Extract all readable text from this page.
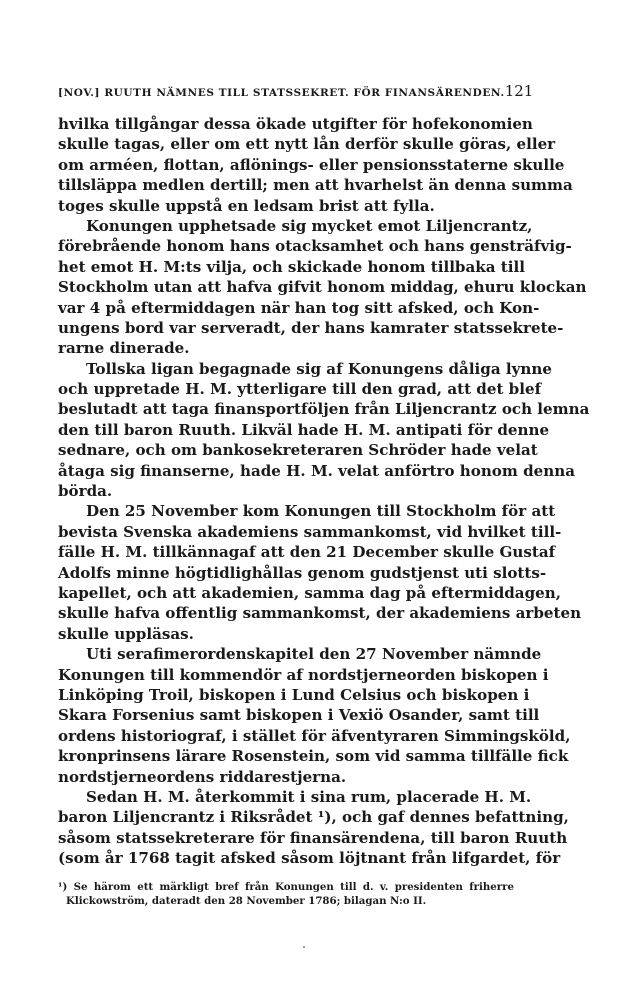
[NOV.] RUUTH NÄMNES TILL STATSSEKRET. FÖR FINANSÄRENDEN. 121
hvilka tillgångar dessa ökade utgifter för hofekonomien
skulle tagas, eller om ett nytt lån derför skulle göras, eller
om arméen, flottan, aflönings- eller pensionsstaterne skulle
tillsläppa medlen dertill; men att hvarhelst än denna summa
toges skulle uppstå en ledsam brist att fylla.
Konungen upphetsade sig mycket emot Liljencrantz,
förebrående honom hans otacksamhet och hans gensträfvig-
het emot H. M:ts vilja, och skickade honom tillbaka till
Stockholm utan att hafva gifvit honom middag, ehuru klockan
var 4 på eftermiddagen när han tog sitt afsked, och Kon-
ungens bord var serveradt, der hans kamrater statssekrete-
rarne dinerade.
Tollska ligan begagnade sig af Konungens dåliga lynne
och uppretade H. M. ytterligare till den grad, att det blef
beslutadt att taga finansportföljen från Liljencrantz och lemna
den till baron Ruuth. Likväl hade H. M. antipati för denne
sednare, och om bankosekreteraren Schröder hade velat
åtaga sig finanserne, hade H. M. velat anförtro honom denna
börda.
Den 25 November kom Konungen till Stockholm för att
bevista Svenska akademiens sammankomst, vid hvilket till-
fälle H. M. tillkännagaf att den 21 December skulle Gustaf
Adolfs minne högtidlighållas genom gudstjenst uti slotts-
kapellet, och att akademien, samma dag på eftermiddagen,
skulle hafva offentlig sammankomst, der akademiens arbeten
skulle uppläsas.
Uti serafimerordenskapitel den 27 November nämnde
Konungen till kommendör af nordstjerneorden biskopen i
Linköping Troil, biskopen i Lund Celsius och biskopen i
Skara Forsenius samt biskopen i Vexiö Osander, samt till
ordens historiograf, i stället för äfventyraren Simmingsköld,
kronprinsens lärare Rosenstein, som vid samma tillfälle fick
nordstjerneordens riddarestjerna.
Sedan H. M. återkommit i sina rum, placerade H. M.
baron Liljencrantz i Riksrådet ¹), och gaf dennes befattning,
såsom statssekreterare för finansärendena, till baron Ruuth
(som år 1768 tagit afsked såsom löjtnant från lifgardet, för
¹) Se härom ett märkligt bref från Konungen till d. v. presidenten friherre
Klickowström, dateradt den 28 November 1786; bilagan N:o II.
